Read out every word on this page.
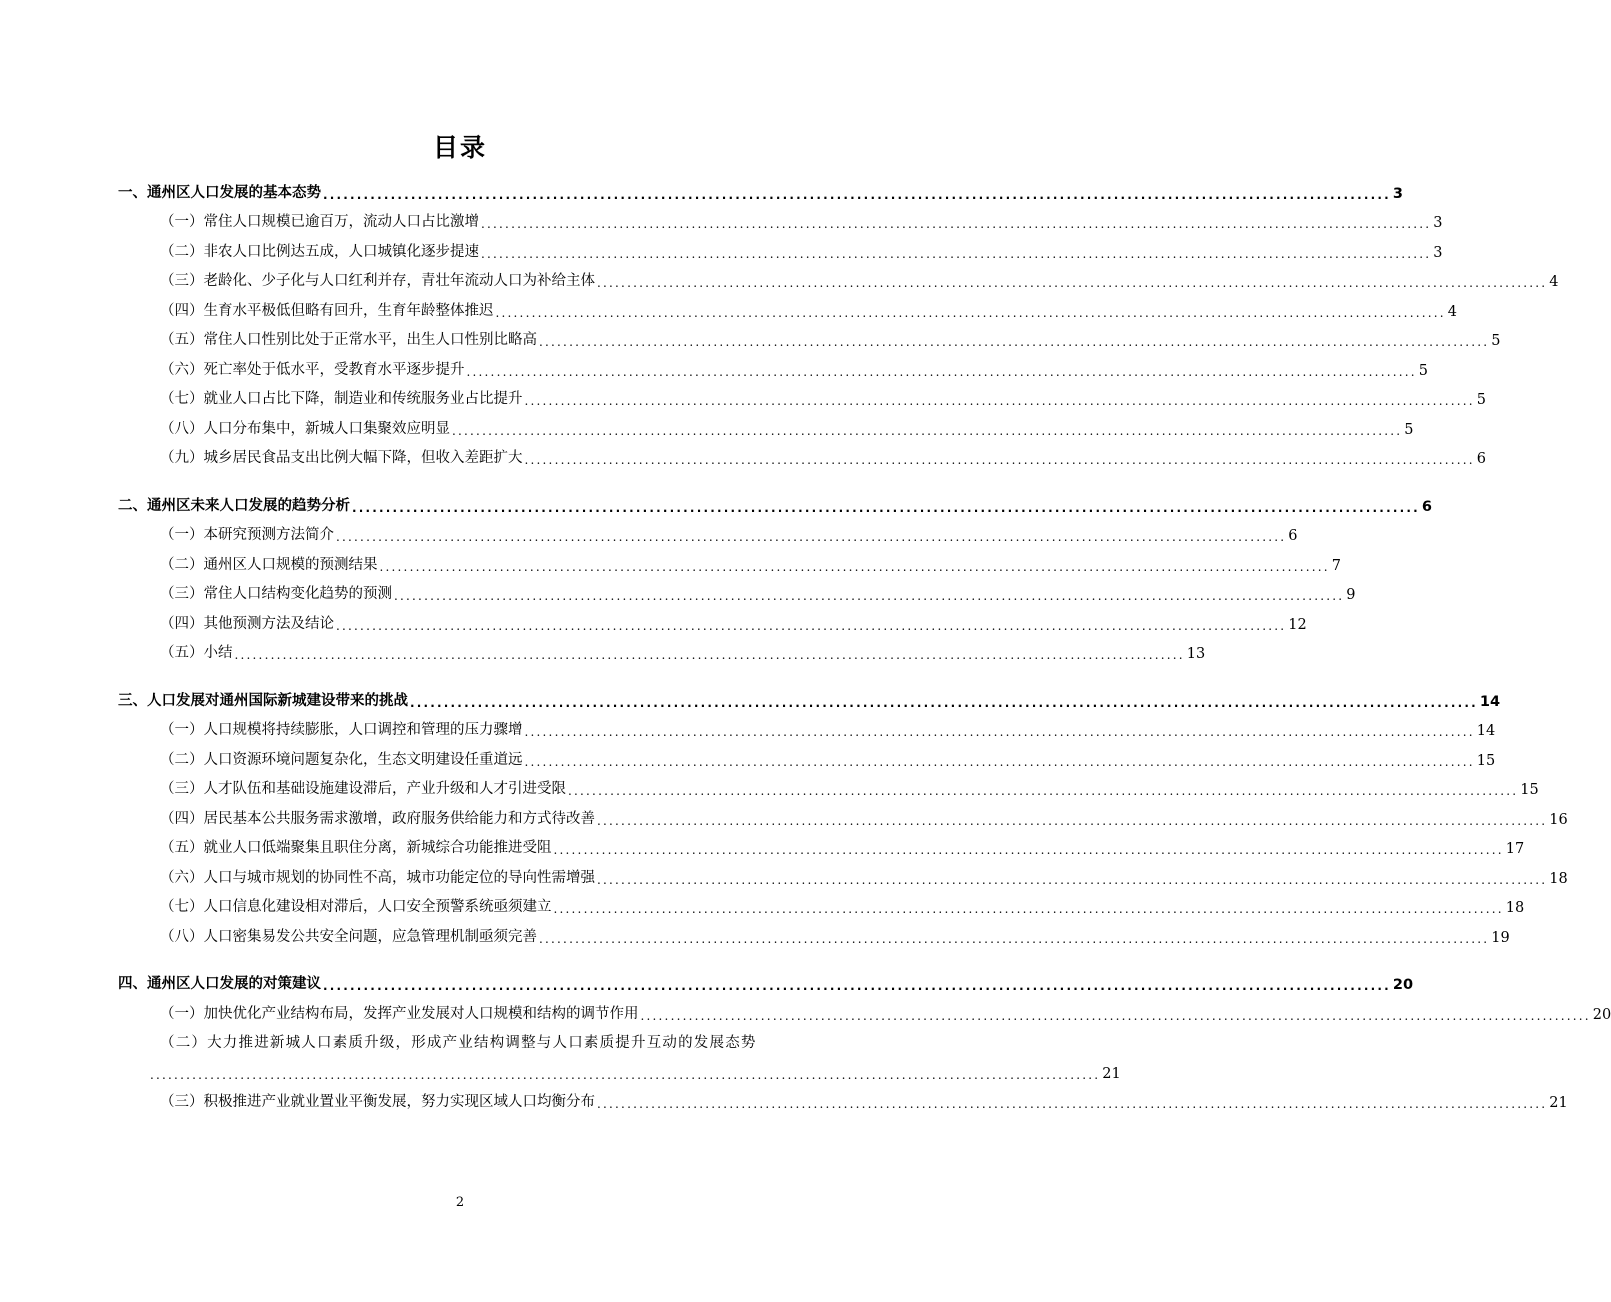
目录
一、通州区人口发展的基本态势 .............................................................................................................................................................. 3
（一）常住人口规模已逾百万，流动人口占比激增 .............................................................................................................................................................. 3
（二）非农人口比例达五成，人口城镇化逐步提速 .............................................................................................................................................................. 3
（三）老龄化、少子化与人口红利并存，青壮年流动人口为补给主体 .............................................................................................................................................................. 4
（四）生育水平极低但略有回升，生育年龄整体推迟 .............................................................................................................................................................. 4
（五）常住人口性别比处于正常水平，出生人口性别比略高 .............................................................................................................................................................. 5
（六）死亡率处于低水平，受教育水平逐步提升 .............................................................................................................................................................. 5
（七）就业人口占比下降，制造业和传统服务业占比提升 .............................................................................................................................................................. 5
（八）人口分布集中，新城人口集聚效应明显 .............................................................................................................................................................. 5
（九）城乡居民食品支出比例大幅下降，但收入差距扩大 .............................................................................................................................................................. 6
二、通州区未来人口发展的趋势分析 .............................................................................................................................................................. 6
（一）本研究预测方法简介 .............................................................................................................................................................. 6
（二）通州区人口规模的预测结果 .............................................................................................................................................................. 7
（三）常住人口结构变化趋势的预测 .............................................................................................................................................................. 9
（四）其他预测方法及结论 .............................................................................................................................................................. 12
（五）小结 .............................................................................................................................................................. 13
三、人口发展对通州国际新城建设带来的挑战 .............................................................................................................................................................. 14
（一）人口规模将持续膨胀，人口调控和管理的压力骤增 .............................................................................................................................................................. 14
（二）人口资源环境问题复杂化，生态文明建设任重道远 .............................................................................................................................................................. 15
（三）人才队伍和基础设施建设滞后，产业升级和人才引进受限 .............................................................................................................................................................. 15
（四）居民基本公共服务需求激增，政府服务供给能力和方式待改善 .............................................................................................................................................................. 16
（五）就业人口低端聚集且职住分离，新城综合功能推进受阻 .............................................................................................................................................................. 17
（六）人口与城市规划的协同性不高，城市功能定位的导向性需增强 .............................................................................................................................................................. 18
（七）人口信息化建设相对滞后，人口安全预警系统亟须建立 .............................................................................................................................................................. 18
（八）人口密集易发公共安全问题，应急管理机制亟须完善 .............................................................................................................................................................. 19
四、通州区人口发展的对策建议 .............................................................................................................................................................. 20
（一）加快优化产业结构布局，发挥产业发展对人口规模和结构的调节作用 .............................................................................................................................................................. 20
（二）大力推进新城人口素质升级，形成产业结构调整与人口素质提升互动的发展态势
.............................................................................................................................................................. 21
（三）积极推进产业就业置业平衡发展，努力实现区域人口均衡分布 .............................................................................................................................................................. 21
2
